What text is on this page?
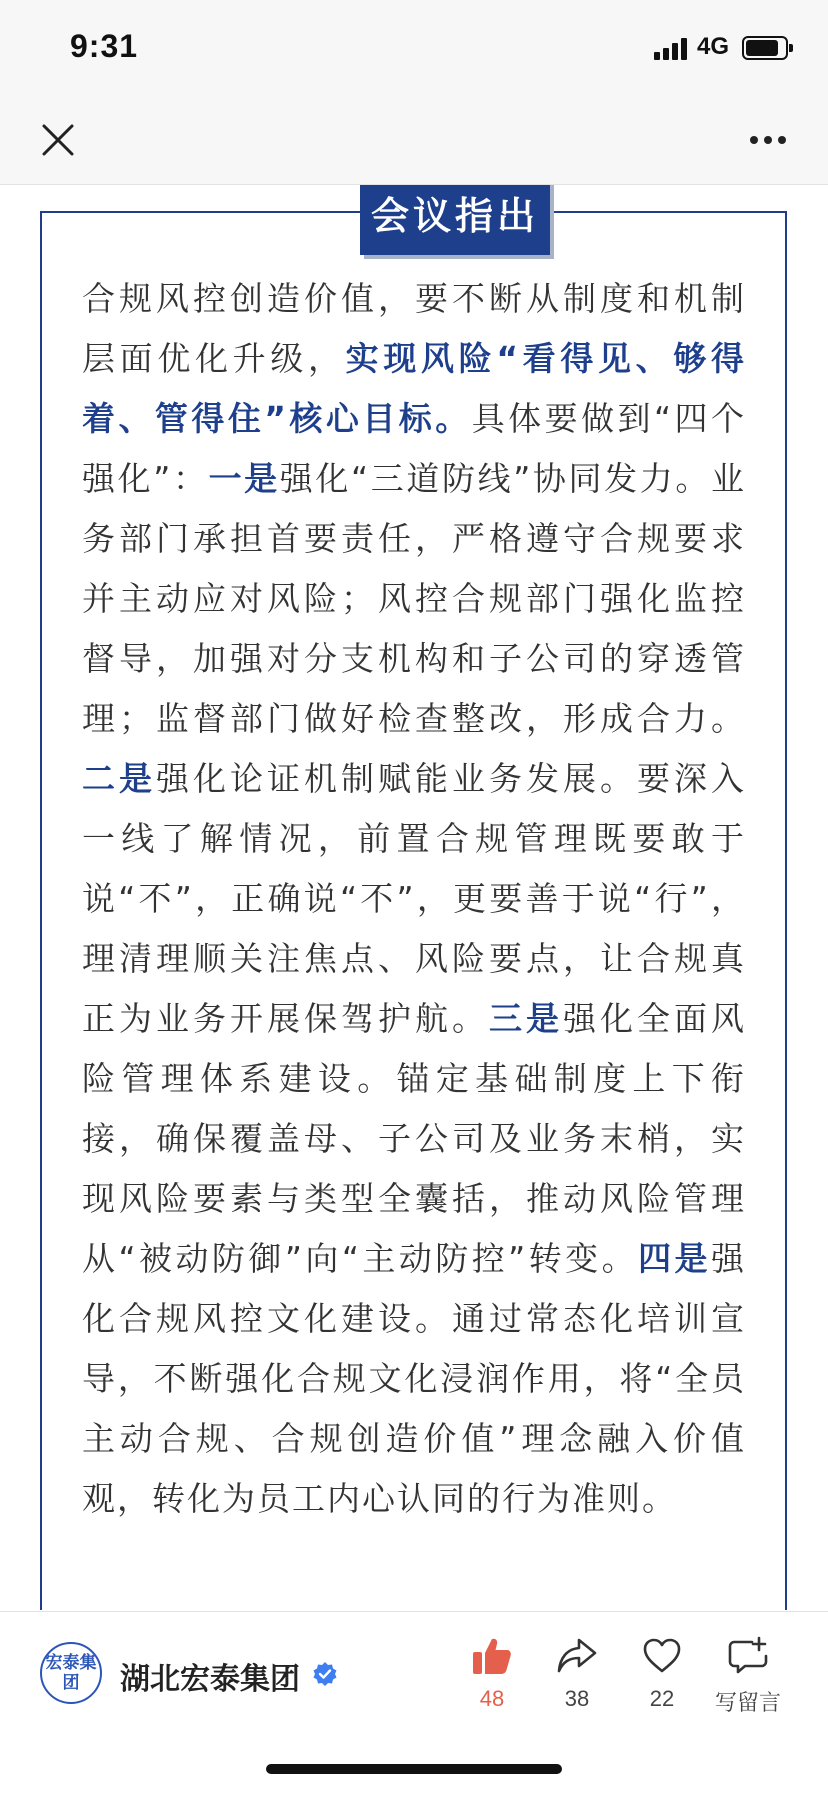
9:31	4G
会议指出
合规风控创造价值，要不断从制度和机制层面优化升级，实现风险“看得见、够得着、管得住”核心目标。具体要做到“四个强化”：一是强化“三道防线”协同发力。业务部门承担首要责任，严格遵守合规要求并主动应对风险；风控合规部门强化监控督导，加强对分支机构和子公司的穿透管理；监督部门做好检查整改，形成合力。二是强化论证机制赋能业务发展。要深入一线了解情况，前置合规管理既要敢于说“不”，正确说“不”，更要善于说“行”，理清理顺关注焦点、风险要点，让合规真正为业务开展保驾护航。三是强化全面风险管理体系建设。锚定基础制度上下衔接，确保覆盖母、子公司及业务末梢，实现风险要素与类型全囊括，推动风险管理从“被动防御”向“主动防控”转变。四是强化合规风控文化建设。通过常态化培训宣导，不断强化合规文化浸润作用，将“全员主动合规、合规创造价值”理念融入价值观，转化为员工内心认同的行为准则。
宏泰集团	湖北宏泰集团
48	38	22	写留言
